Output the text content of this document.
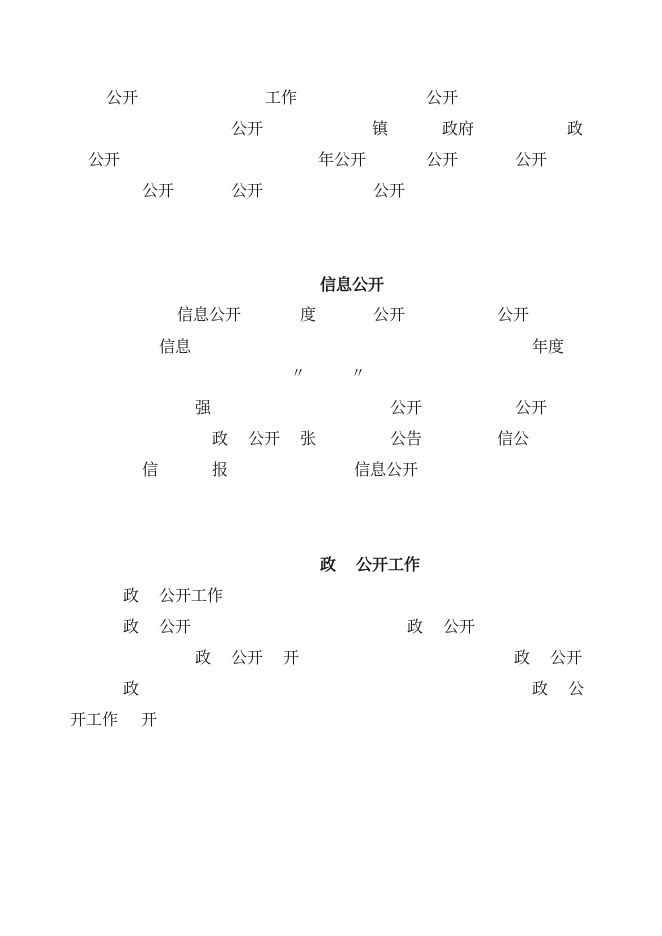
公开	工作	公开
公开	镇	政府	政
公开	年公开	公开	公开
公开	公开	公开
信息公开
信息公开	度	公开	公开
信息	年度
〃	〃
强	公开	公开
政 公开 张	公告	信公
信	报	信息公开
政 公开工作
政 公开工作
政 公开	政 公开
政 公开 开	政 公开
政	政 公
开工作 开
